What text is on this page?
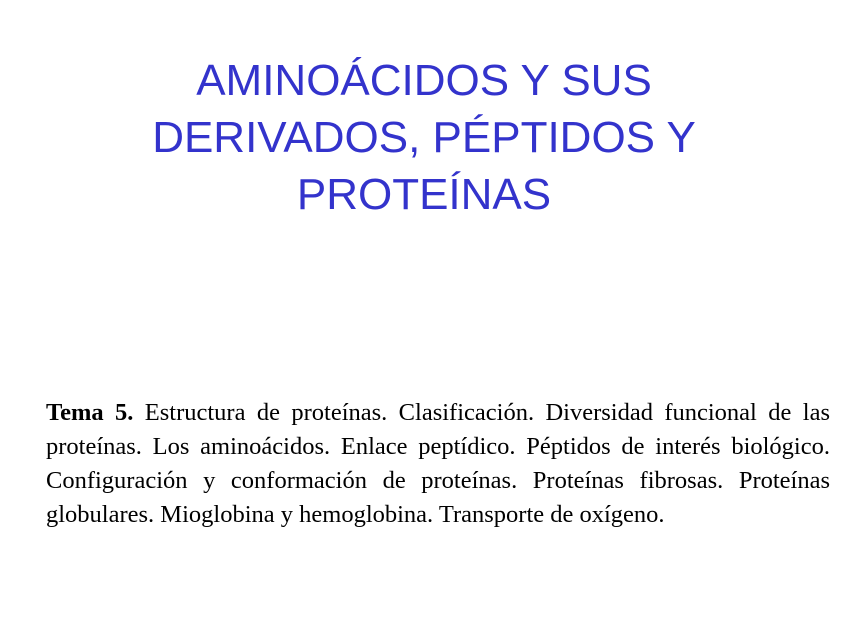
AMINOÁCIDOS Y SUS
DERIVADOS, PÉPTIDOS Y
PROTEÍNAS

Tema 5. Estructura de proteínas. Clasificación. Diversidad funcional de las proteínas. Los aminoácidos. Enlace peptídico. Péptidos de interés biológico. Configuración y conformación de proteínas. Proteínas fibrosas. Proteínas globulares. Mioglobina y hemoglobina. Transporte de oxígeno.
